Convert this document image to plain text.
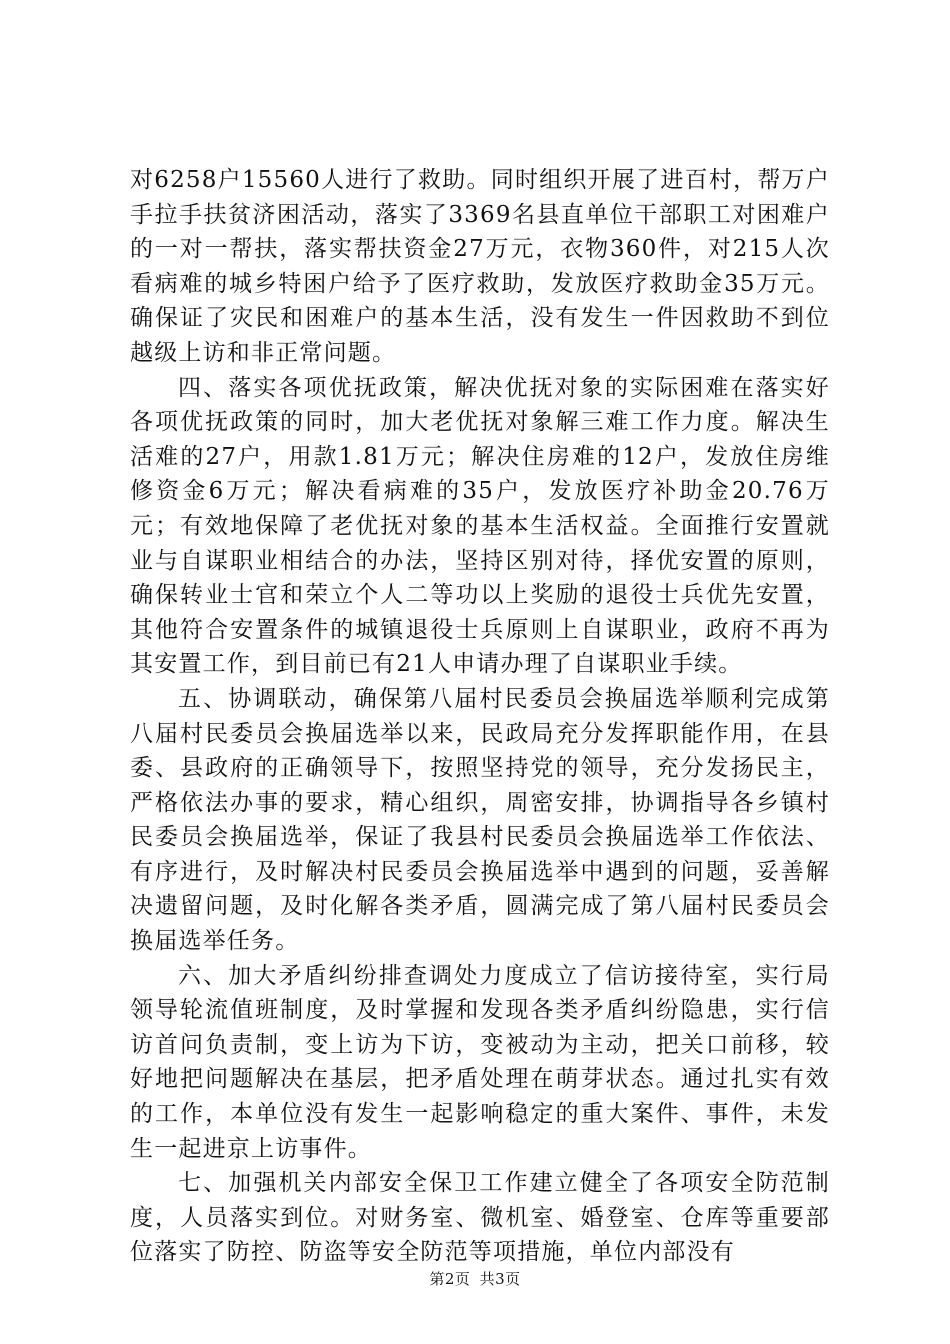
对6258户15560人进行了救助。同时组织开展了进百村，帮万户手拉手扶贫济困活动，落实了3369名县直单位干部职工对困难户的一对一帮扶，落实帮扶资金27万元，衣物360件，对215人次看病难的城乡特困户给予了医疗救助，发放医疗救助金35万元。确保证了灾民和困难户的基本生活，没有发生一件因救助不到位越级上访和非正常问题。

四、落实各项优抚政策，解决优抚对象的实际困难在落实好各项优抚政策的同时，加大老优抚对象解三难工作力度。解决生活难的27户，用款1.81万元；解决住房难的12户，发放住房维修资金6万元；解决看病难的35户，发放医疗补助金20.76万元；有效地保障了老优抚对象的基本生活权益。全面推行安置就业与自谋职业相结合的办法，坚持区别对待，择优安置的原则，确保转业士官和荣立个人二等功以上奖励的退役士兵优先安置，其他符合安置条件的城镇退役士兵原则上自谋职业，政府不再为其安置工作，到目前已有21人申请办理了自谋职业手续。

五、协调联动，确保第八届村民委员会换届选举顺利完成第八届村民委员会换届选举以来，民政局充分发挥职能作用，在县委、县政府的正确领导下，按照坚持党的领导，充分发扬民主，严格依法办事的要求，精心组织，周密安排，协调指导各乡镇村民委员会换届选举，保证了我县村民委员会换届选举工作依法、有序进行，及时解决村民委员会换届选举中遇到的问题，妥善解决遗留问题，及时化解各类矛盾，圆满完成了第八届村民委员会换届选举任务。

六、加大矛盾纠纷排查调处力度成立了信访接待室，实行局领导轮流值班制度，及时掌握和发现各类矛盾纠纷隐患，实行信访首问负责制，变上访为下访，变被动为主动，把关口前移，较好地把问题解决在基层，把矛盾处理在萌芽状态。通过扎实有效的工作，本单位没有发生一起影响稳定的重大案件、事件，未发生一起进京上访事件。

七、加强机关内部安全保卫工作建立健全了各项安全防范制度，人员落实到位。对财务室、微机室、婚登室、仓库等重要部位落实了防控、防盗等安全防范等项措施，单位内部没有

第2页 共3页
